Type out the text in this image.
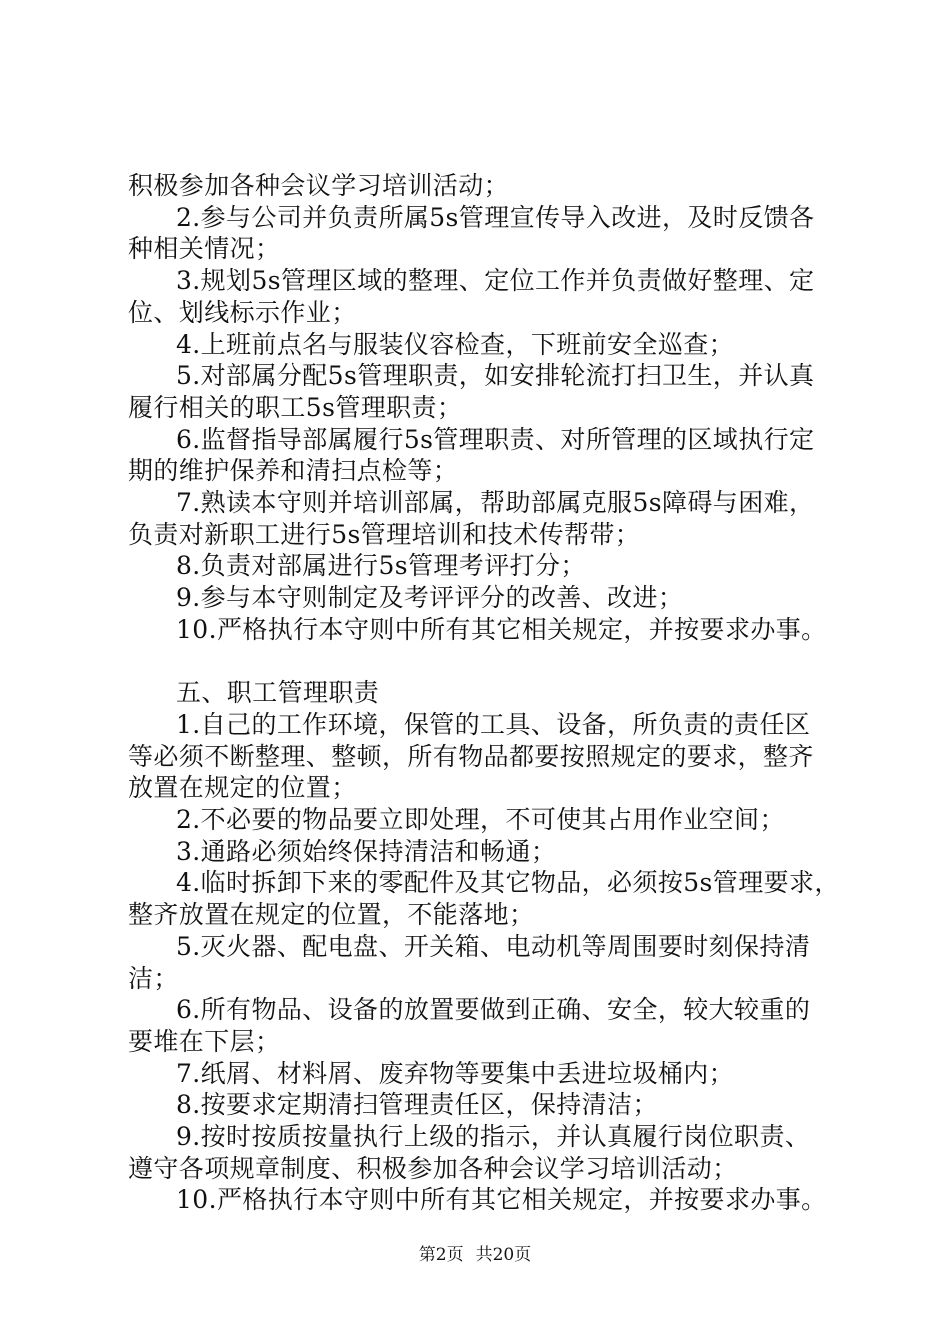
积极参加各种会议学习培训活动；
2.参与公司并负责所属5s管理宣传导入改进，及时反馈各
种相关情况；
3.规划5s管理区域的整理、定位工作并负责做好整理、定
位、划线标示作业；
4.上班前点名与服装仪容检查，下班前安全巡查；
5.对部属分配5s管理职责，如安排轮流打扫卫生，并认真
履行相关的职工5s管理职责；
6.监督指导部属履行5s管理职责、对所管理的区域执行定
期的维护保养和清扫点检等；
7.熟读本守则并培训部属，帮助部属克服5s障碍与困难，
负责对新职工进行5s管理培训和技术传帮带；
8.负责对部属进行5s管理考评打分；
9.参与本守则制定及考评评分的改善、改进；
10.严格执行本守则中所有其它相关规定，并按要求办事。
五、职工管理职责
1.自己的工作环境，保管的工具、设备，所负责的责任区
等必须不断整理、整顿，所有物品都要按照规定的要求，整齐
放置在规定的位置；
2.不必要的物品要立即处理，不可使其占用作业空间；
3.通路必须始终保持清洁和畅通；
4.临时拆卸下来的零配件及其它物品，必须按5s管理要求，
整齐放置在规定的位置，不能落地；
5.灭火器、配电盘、开关箱、电动机等周围要时刻保持清
洁；
6.所有物品、设备的放置要做到正确、安全，较大较重的
要堆在下层；
7.纸屑、材料屑、废弃物等要集中丢进垃圾桶内；
8.按要求定期清扫管理责任区，保持清洁；
9.按时按质按量执行上级的指示，并认真履行岗位职责、
遵守各项规章制度、积极参加各种会议学习培训活动；
10.严格执行本守则中所有其它相关规定，并按要求办事。
第2页 共20页
